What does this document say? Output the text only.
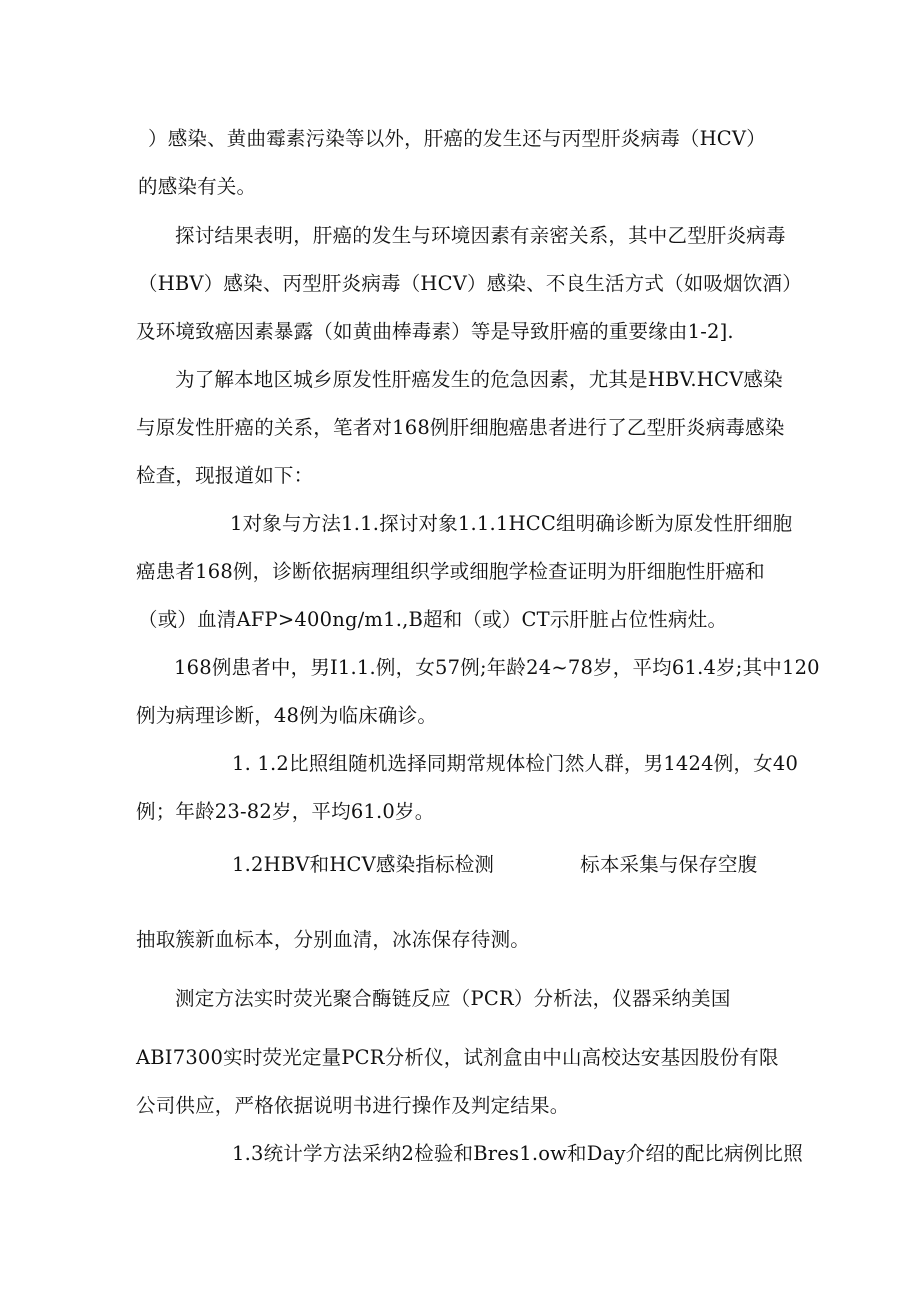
）感染、黄曲霉素污染等以外，肝癌的发生还与丙型肝炎病毒（HCV）

的感染有关。

探讨结果表明，肝癌的发生与环境因素有亲密关系，其中乙型肝炎病毒

（HBV）感染、丙型肝炎病毒（HCV）感染、不良生活方式（如吸烟饮酒）

及环境致癌因素暴露（如黄曲棒毒素）等是导致肝癌的重要缘由1-2].

为了解本地区城乡原发性肝癌发生的危急因素，尤其是HBV.HCV感染

与原发性肝癌的关系，笔者对168例肝细胞癌患者进行了乙型肝炎病毒感染

检查，现报道如下：

1对象与方法1.1.探讨对象1.1.1HCC组明确诊断为原发性肝细胞

癌患者168例，诊断依据病理组织学或细胞学检查证明为肝细胞性肝癌和

（或）血清AFP>400ng∕m1.,B超和（或）CT示肝脏占位性病灶。

168例患者中，男I1.1.例，女57例;年龄24~78岁，平均61.4岁;其中120

例为病理诊断，48例为临床确诊。

1. 1.2比照组随机选择同期常规体检门然人群，男1424例，女40

例；年龄23-82岁，平均61.0岁。

1.2HBV和HCV感染指标检测	标本采集与保存空腹

抽取簇新血标本，分别血清，冰冻保存待测。

测定方法实时荧光聚合酶链反应（PCR）分析法，仪器采纳美国

ABI7300实时荧光定量PCR分析仪，试剂盒由中山高校达安基因股份有限

公司供应，严格依据说明书进行操作及判定结果。

1.3统计学方法采纳2检验和Bres1.ow和Day介绍的配比病例比照
